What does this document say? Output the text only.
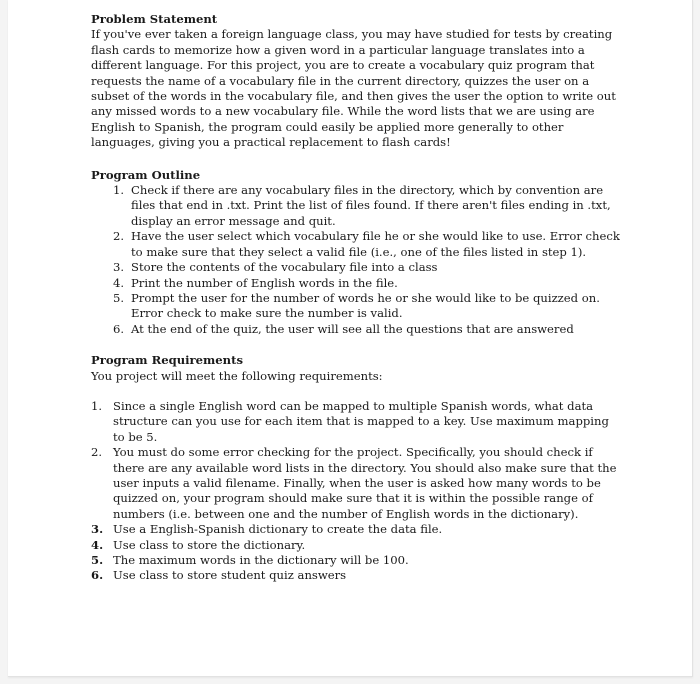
Problem Statement

If you've ever taken a foreign language class, you may have studied for tests by creating flash cards to memorize how a given word in a particular language translates into a different language. For this project, you are to create a vocabulary quiz program that requests the name of a vocabulary file in the current directory, quizzes the user on a subset of the words in the vocabulary file, and then gives the user the option to write out any missed words to a new vocabulary file. While the word lists that we are using are English to Spanish, the program could easily be applied more generally to other languages, giving you a practical replacement to flash cards!

Program Outline

1. Check if there are any vocabulary files in the directory, which by convention are files that end in .txt. Print the list of files found. If there aren't files ending in .txt, display an error message and quit.
2. Have the user select which vocabulary file he or she would like to use. Error check to make sure that they select a valid file (i.e., one of the files listed in step 1).
3. Store the contents of the vocabulary file into a class
4. Print the number of English words in the file.
5. Prompt the user for the number of words he or she would like to be quizzed on. Error check to make sure the number is valid.
6. At the end of the quiz, the user will see all the questions that are answered

Program Requirements

You project will meet the following requirements:

1. Since a single English word can be mapped to multiple Spanish words, what data structure can you use for each item that is mapped to a key. Use maximum mapping to be 5.
2. You must do some error checking for the project. Specifically, you should check if there are any available word lists in the directory. You should also make sure that the user inputs a valid filename. Finally, when the user is asked how many words to be quizzed on, your program should make sure that it is within the possible range of numbers (i.e. between one and the number of English words in the dictionary).
3. Use a English-Spanish dictionary to create the data file.
4. Use class to store the dictionary.
5. The maximum words in the dictionary will be 100.
6. Use class to store student quiz answers
